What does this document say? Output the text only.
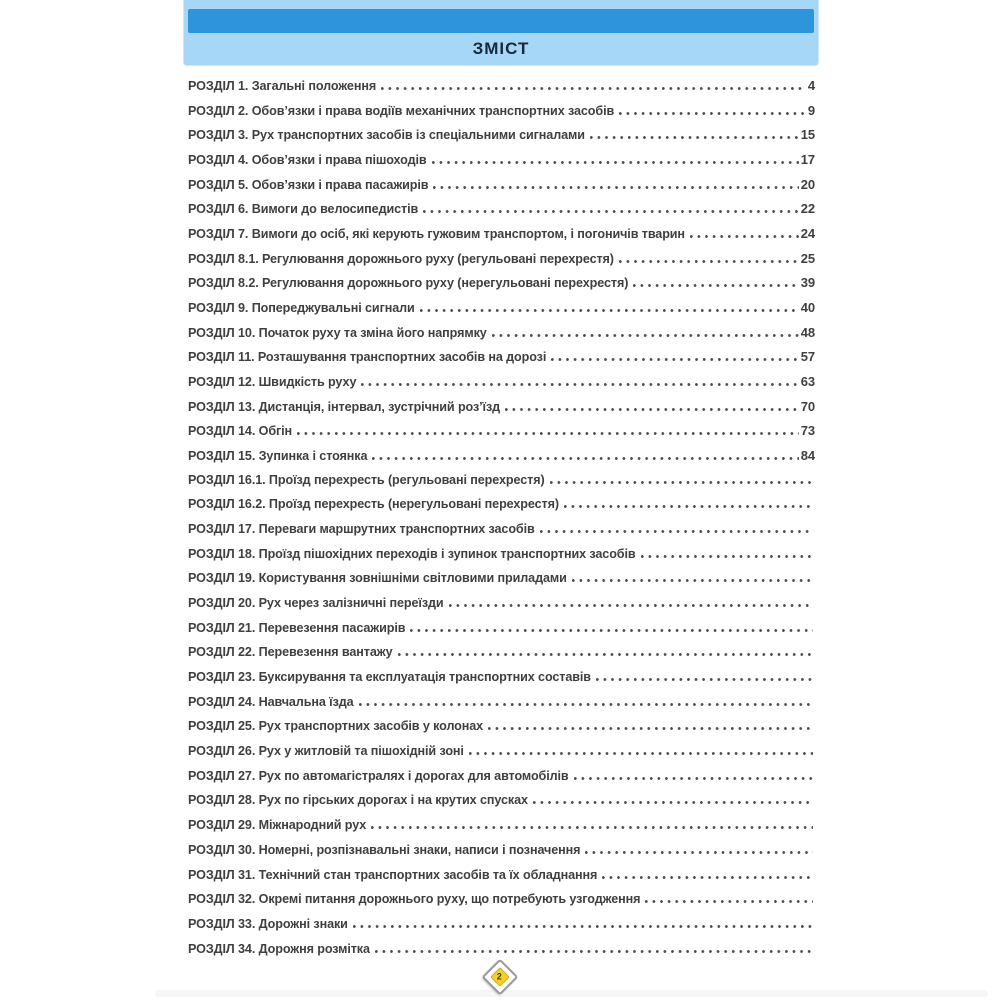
ЗМІСТ
РОЗДІЛ 1. Загальні положення	4
РОЗДІЛ 2. Обов’язки і права водіїв механічних транспортних засобів	9
РОЗДІЛ 3. Рух транспортних засобів із спеціальними сигналами	15
РОЗДІЛ 4. Обов’язки і права пішоходів	17
РОЗДІЛ 5. Обов’язки і права пасажирів	20
РОЗДІЛ 6. Вимоги до велосипедистів	22
РОЗДІЛ 7. Вимоги до осіб, які керують гужовим транспортом, і погоничів тварин	24
РОЗДІЛ 8.1. Регулювання дорожнього руху (регульовані перехрестя)	25
РОЗДІЛ 8.2. Регулювання дорожнього руху (нерегульовані перехрестя)	39
РОЗДІЛ 9. Попереджувальні сигнали	40
РОЗДІЛ 10. Початок руху та зміна його напрямку	48
РОЗДІЛ 11. Розташування транспортних засобів на дорозі	57
РОЗДІЛ 12. Швидкість руху	63
РОЗДІЛ 13. Дистанція, інтервал, зустрічний роз’їзд	70
РОЗДІЛ 14. Обгін	73
РОЗДІЛ 15. Зупинка і стоянка	84
РОЗДІЛ 16.1. Проїзд перехресть (регульовані перехрестя)
РОЗДІЛ 16.2. Проїзд перехресть (нерегульовані перехрестя)
РОЗДІЛ 17. Переваги маршрутних транспортних засобів
РОЗДІЛ 18. Проїзд пішохідних переходів і зупинок транспортних засобів
РОЗДІЛ 19. Користування зовнішніми світловими приладами
РОЗДІЛ 20. Рух через залізничні переїзди
РОЗДІЛ 21. Перевезення пасажирів
РОЗДІЛ 22. Перевезення вантажу
РОЗДІЛ 23. Буксирування та експлуатація транспортних составів
РОЗДІЛ 24. Навчальна їзда
РОЗДІЛ 25. Рух транспортних засобів у колонах
РОЗДІЛ 26. Рух у житловій та пішохідній зоні
РОЗДІЛ 27. Рух по автомагістралях і дорогах для автомобілів
РОЗДІЛ 28. Рух по гірських дорогах і на крутих спусках
РОЗДІЛ 29. Міжнародний рух
РОЗДІЛ 30. Номерні, розпізнавальні знаки, написи і позначення
РОЗДІЛ 31. Технічний стан транспортних засобів та їх обладнання
РОЗДІЛ 32. Окремі питання дорожнього руху, що потребують узгодження
РОЗДІЛ 33. Дорожні знаки
РОЗДІЛ 34. Дорожня розмітка
2
